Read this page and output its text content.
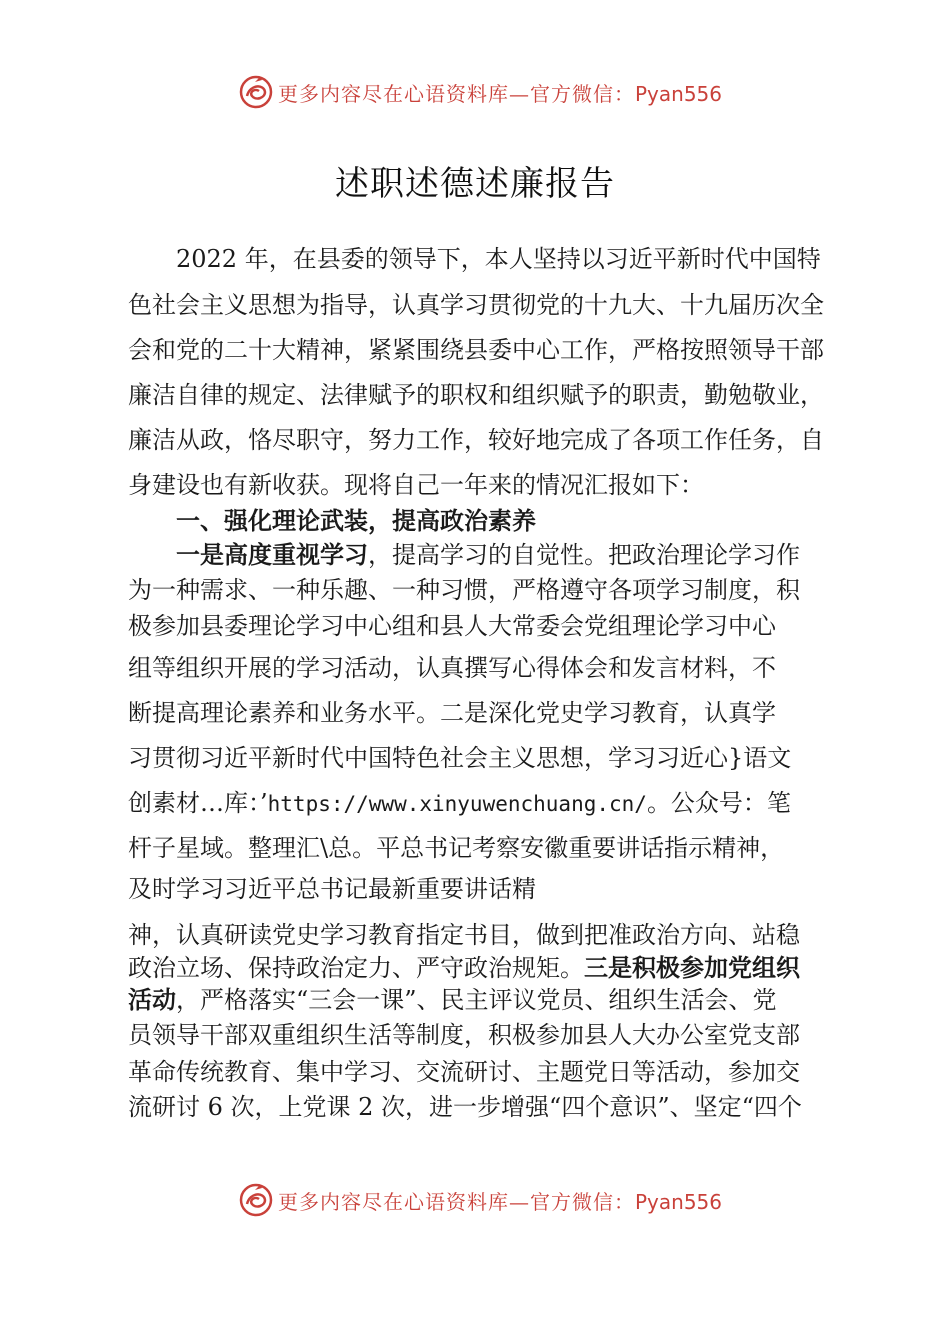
更多内容尽在心语资料库—官方微信：Pyan556
述职述德述廉报告
2022 年，在县委的领导下，本人坚持以习近平新时代中国特
色社会主义思想为指导，认真学习贯彻党的十九大、十九届历次全
会和党的二十大精神，紧紧围绕县委中心工作，严格按照领导干部
廉洁自律的规定、法律赋予的职权和组织赋予的职责，勤勉敬业，
廉洁从政，恪尽职守，努力工作，较好地完成了各项工作任务，自
身建设也有新收获。现将自己一年来的情况汇报如下：
一、强化理论武装，提高政治素养
一是高度重视学习，提高学习的自觉性。把政治理论学习作
为一种需求、一种乐趣、一种习惯，严格遵守各项学习制度，积
极参加县委理论学习中心组和县人大常委会党组理论学习中心
组等组织开展的学习活动，认真撰写心得体会和发言材料，不
断提高理论素养和业务水平。二是深化党史学习教育，认真学
习贯彻习近平新时代中国特色社会主义思想，学习习近心}语文
创素材…库：’https://www.xinyuwenchuang.cn/。公众号：笔
杆子星域。整理汇\总。平总书记考察安徽重要讲话指示精神，
及时学习习近平总书记最新重要讲话精
神，认真研读党史学习教育指定书目，做到把准政治方向、站稳
政治立场、保持政治定力、严守政治规矩。三是积极参加党组织
活动，严格落实“三会一课”、民主评议党员、组织生活会、党
员领导干部双重组织生活等制度，积极参加县人大办公室党支部
革命传统教育、集中学习、交流研讨、主题党日等活动，参加交
流研讨 6 次，上党课 2 次，进一步增强“四个意识”、坚定“四个
更多内容尽在心语资料库—官方微信：Pyan556
